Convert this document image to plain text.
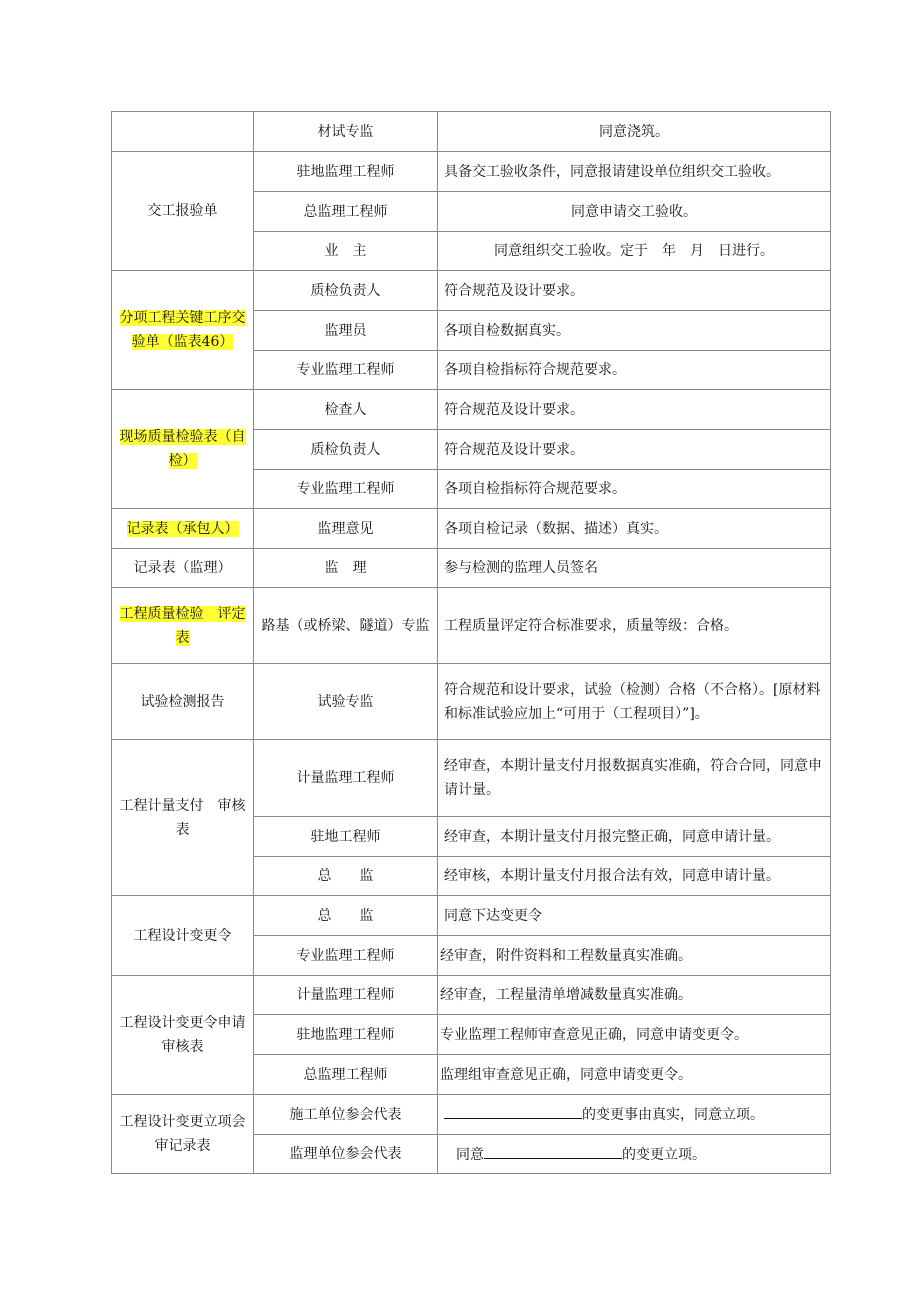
	材试专监	同意浇筑。
交工报验单	驻地监理工程师	具备交工验收条件，同意报请建设单位组织交工验收。
	总监理工程师	同意申请交工验收。
	业　主	同意组织交工验收。定于　年　月　日进行。
分项工程关键工序交验单（监表46）	质检负责人	符合规范及设计要求。
	监理员	各项自检数据真实。
	专业监理工程师	各项自检指标符合规范要求。
现场质量检验表（自检）	检查人	符合规范及设计要求。
	质检负责人	符合规范及设计要求。
	专业监理工程师	各项自检指标符合规范要求。
记录表（承包人）	监理意见	各项自检记录（数据、描述）真实。
记录表（监理）	监　理	参与检测的监理人员签名
工程质量检验　评定表	路基（或桥梁、隧道）专监	工程质量评定符合标准要求，质量等级：合格。
试验检测报告	试验专监	符合规范和设计要求，试验（检测）合格（不合格）。[原材料和标准试验应加上“可用于（工程项目）”]。
工程计量支付　审核表	计量监理工程师	经审查，本期计量支付月报数据真实准确，符合合同，同意申请计量。
	驻地工程师	经审查，本期计量支付月报完整正确，同意申请计量。
	总　　监	经审核，本期计量支付月报合法有效，同意申请计量。
工程设计变更令	总　　监	同意下达变更令
	专业监理工程师	经审查，附件资料和工程数量真实准确。
工程设计变更令申请审核表	计量监理工程师	经审查，工程量清单增减数量真实准确。
	驻地监理工程师	专业监理工程师审查意见正确，同意申请变更令。
	总监理工程师	监理组审查意见正确，同意申请变更令。
工程设计变更立项会审记录表	施工单位参会代表	的变更事由真实，同意立项。
	监理单位参会代表	同意 的变更立项。
